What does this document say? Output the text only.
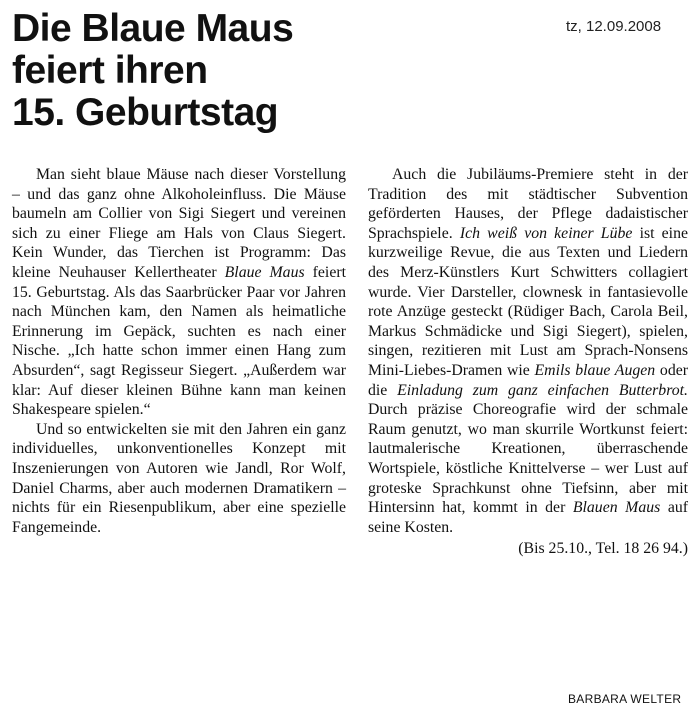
Die Blaue Maus
feiert ihren
15. Geburtstag
tz, 12.09.2008

Man sieht blaue Mäuse nach dieser Vorstellung – und das ganz ohne Alkoholeinfluss. Die Mäuse baumeln am Collier von Sigi Siegert und vereinen sich zu einer Fliege am Hals von Claus Siegert. Kein Wunder, das Tierchen ist Programm: Das kleine Neuhauser Kellertheater Blaue Maus feiert 15. Geburtstag. Als das Saarbrücker Paar vor Jahren nach München kam, den Namen als heimatliche Erinnerung im Gepäck, suchten es nach einer Nische. „Ich hatte schon immer einen Hang zum Absurden“, sagt Regisseur Siegert. „Außerdem war klar: Auf dieser kleinen Bühne kann man keinen Shakespeare spielen.“

Und so entwickelten sie mit den Jahren ein ganz individuelles, unkonventionelles Konzept mit Inszenierungen von Autoren wie Jandl, Ror Wolf, Daniel Charms, aber auch modernen Dramatikern – nichts für ein Riesenpublikum, aber eine spezielle Fangemeinde.

Auch die Jubiläums-Premiere steht in der Tradition des mit städtischer Subvention geförderten Hauses, der Pflege dadaistischer Sprachspiele. Ich weiß von keiner Lübe ist eine kurzweilige Revue, die aus Texten und Liedern des Merz-Künstlers Kurt Schwitters collagiert wurde. Vier Darsteller, clownesk in fantasievolle rote Anzüge gesteckt (Rüdiger Bach, Carola Beil, Markus Schmädicke und Sigi Siegert), spielen, singen, rezitieren mit Lust am Sprach-Nonsens Mini-Liebes-Dramen wie Emils blaue Augen oder die Einladung zum ganz einfachen Butterbrot. Durch präzise Choreografie wird der schmale Raum genutzt, wo man skurrile Wortkunst feiert: lautmalerische Kreationen, überraschende Wortspiele, köstliche Knittelverse – wer Lust auf groteske Sprachkunst ohne Tiefsinn, aber mit Hintersinn hat, kommt in der Blauen Maus auf seine Kosten.

(Bis 25.10., Tel. 18 26 94.)
BARBARA WELTER
